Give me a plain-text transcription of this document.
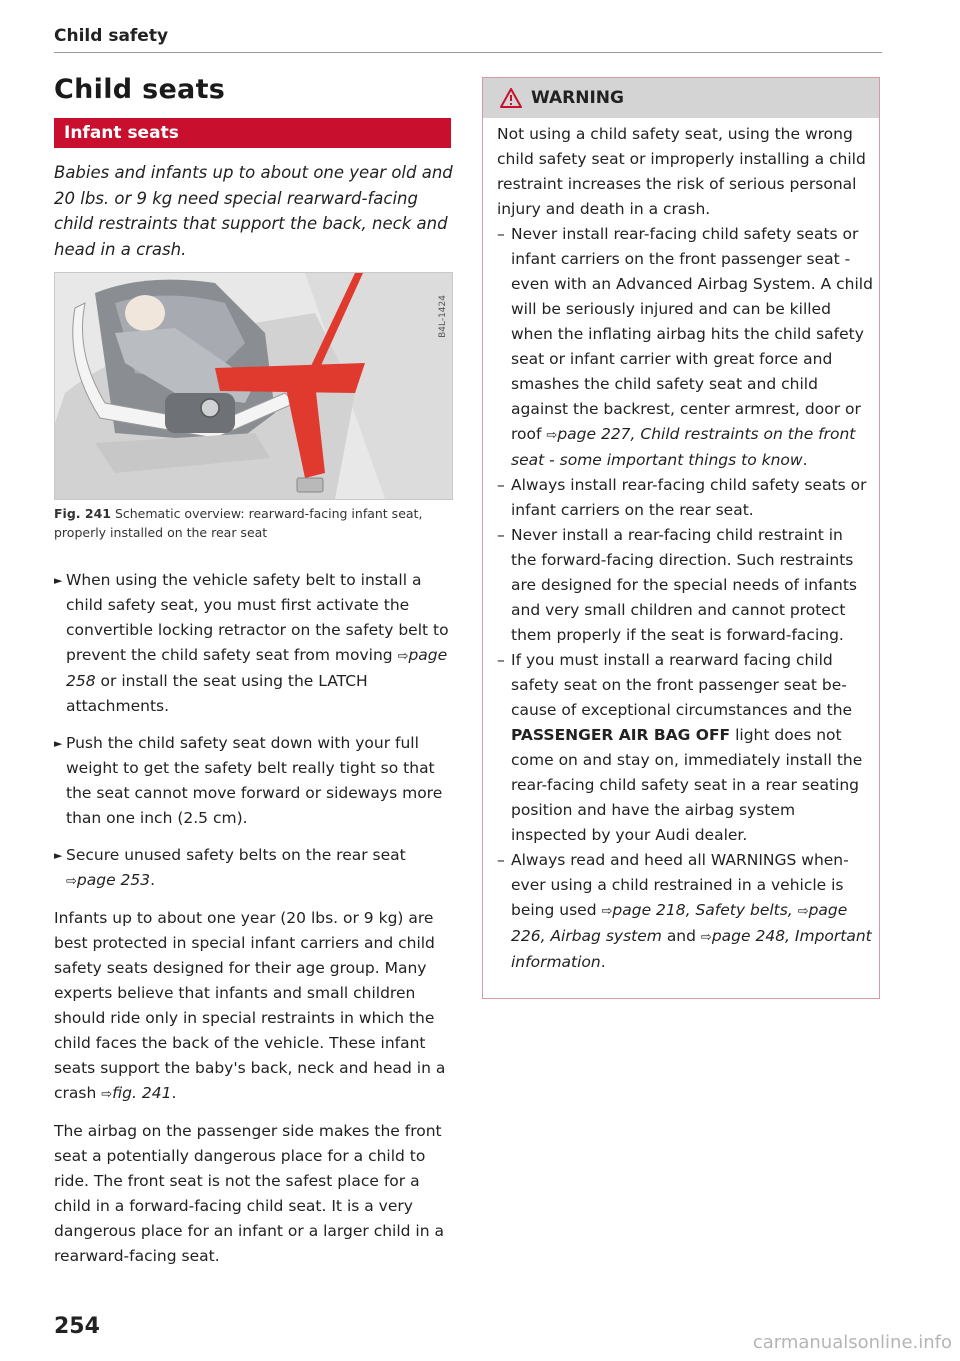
Child safety
Child seats
Infant seats

Babies and infants up to about one year old and 20 lbs. or 9 kg need special rearward-facing child restraints that support the back, neck and head in a crash.

B4L-1424
Fig. 241 Schematic overview: rearward-facing infant seat, properly installed on the rear seat

► When using the vehicle safety belt to install a child safety seat, you must first activate the convertible locking retractor on the safety belt to prevent the child safety seat from moving ⇨page 258 or install the seat using the LATCH attachments.

► Push the child safety seat down with your full weight to get the safety belt really tight so that the seat cannot move forward or sideways more than one inch (2.5 cm).

► Secure unused safety belts on the rear seat ⇨page 253.

Infants up to about one year (20 lbs. or 9 kg) are best protected in special infant carriers and child safety seats designed for their age group. Many experts believe that infants and small children should ride only in special restraints in which the child faces the back of the vehicle. These infant seats support the baby's back, neck and head in a crash ⇨fig. 241.

The airbag on the passenger side makes the front seat a potentially dangerous place for a child to ride. The front seat is not the safest place for a child in a forward-facing child seat. It is a very dangerous place for an infant or a larger child in a rearward-facing seat.

254
WARNING

Not using a child safety seat, using the wrong child safety seat or improperly installing a child restraint increases the risk of serious personal injury and death in a crash.

– Never install rear-facing child safety seats or infant carriers on the front passenger seat - even with an Advanced Airbag System. A child will be seriously injured and can be killed when the inflating airbag hits the child safety seat or infant carrier with great force and smashes the child safety seat and child against the backrest, center armrest, door or roof ⇨page 227, Child restraints on the front seat - some important things to know.

– Always install rear-facing child safety seats or infant carriers on the rear seat.

– Never install a rear-facing child restraint in the forward-facing direction. Such restraints are designed for the special needs of infants and very small children and cannot protect them properly if the seat is forward-facing.

– If you must install a rearward facing child safety seat on the front passenger seat be-cause of exceptional circumstances and the PASSENGER AIR BAG OFF light does not come on and stay on, immediately install the rear-facing child safety seat in a rear seating position and have the airbag system inspected by your Audi dealer.

– Always read and heed all WARNINGS when-ever using a child restrained in a vehicle is being used ⇨page 218, Safety belts, ⇨page 226, Airbag system and ⇨page 248, Important information.

carmanualsonline.info
